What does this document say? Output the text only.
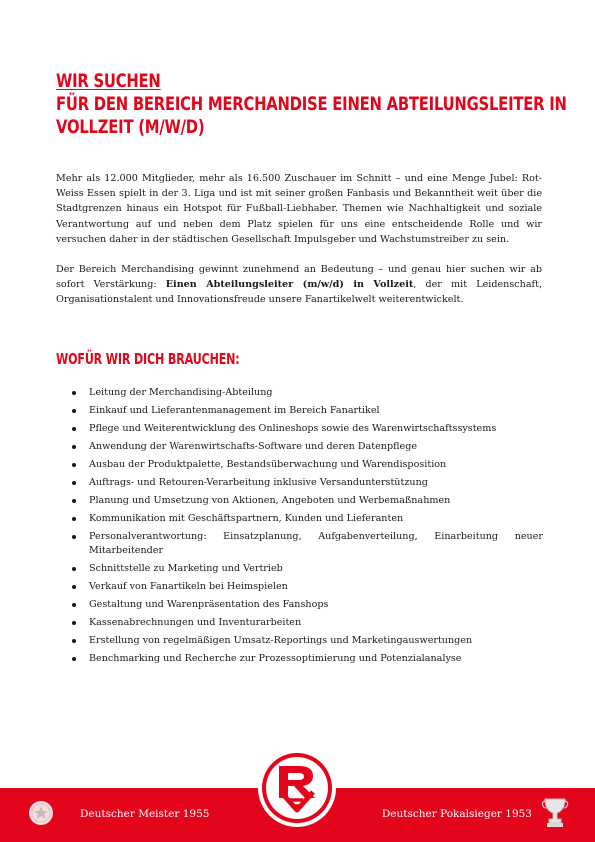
WIR SUCHEN
FÜR DEN BEREICH MERCHANDISE EINEN ABTEILUNGSLEITER IN
VOLLZEIT (M/W/D)

Mehr als 12.000 Mitglieder, mehr als 16.500 Zuschauer im Schnitt – und eine Menge Jubel: Rot-Weiss Essen spielt in der 3. Liga und ist mit seiner großen Fanbasis und Bekanntheit weit über die Stadtgrenzen hinaus ein Hotspot für Fußball-Liebhaber. Themen wie Nachhaltigkeit und soziale Verantwortung auf und neben dem Platz spielen für uns eine entscheidende Rolle und wir versuchen daher in der städtischen Gesellschaft Impulsgeber und Wachstumstreiber zu sein.

Der Bereich Merchandising gewinnt zunehmend an Bedeutung – und genau hier suchen wir ab sofort Verstärkung: Einen Abteilungsleiter (m/w/d) in Vollzeit, der mit Leidenschaft, Organisationstalent und Innovationsfreude unsere Fanartikelwelt weiterentwickelt.

WOFÜR WIR DICH BRAUCHEN:
Leitung der Merchandising-Abteilung
Einkauf und Lieferantenmanagement im Bereich Fanartikel
Pflege und Weiterentwicklung des Onlineshops sowie des Warenwirtschaftssystems
Anwendung der Warenwirtschafts-Software und deren Datenpflege
Ausbau der Produktpalette, Bestandsüberwachung und Warendisposition
Auftrags- und Retouren-Verarbeitung inklusive Versandunterstützung
Planung und Umsetzung von Aktionen, Angeboten und Werbemaßnahmen
Kommunikation mit Geschäftspartnern, Kunden und Lieferanten
Personalverantwortung: Einsatzplanung, Aufgabenverteilung, Einarbeitung neuer Mitarbeitender
Schnittstelle zu Marketing und Vertrieb
Verkauf von Fanartikeln bei Heimspielen
Gestaltung und Warenpräsentation des Fanshops
Kassenabrechnungen und Inventurarbeiten
Erstellung von regelmäßigen Umsatz-Reportings und Marketingauswertungen
Benchmarking und Recherche zur Prozessoptimierung und Potenzialanalyse
Deutscher Meister 1955	Deutscher Pokalsieger 1953
